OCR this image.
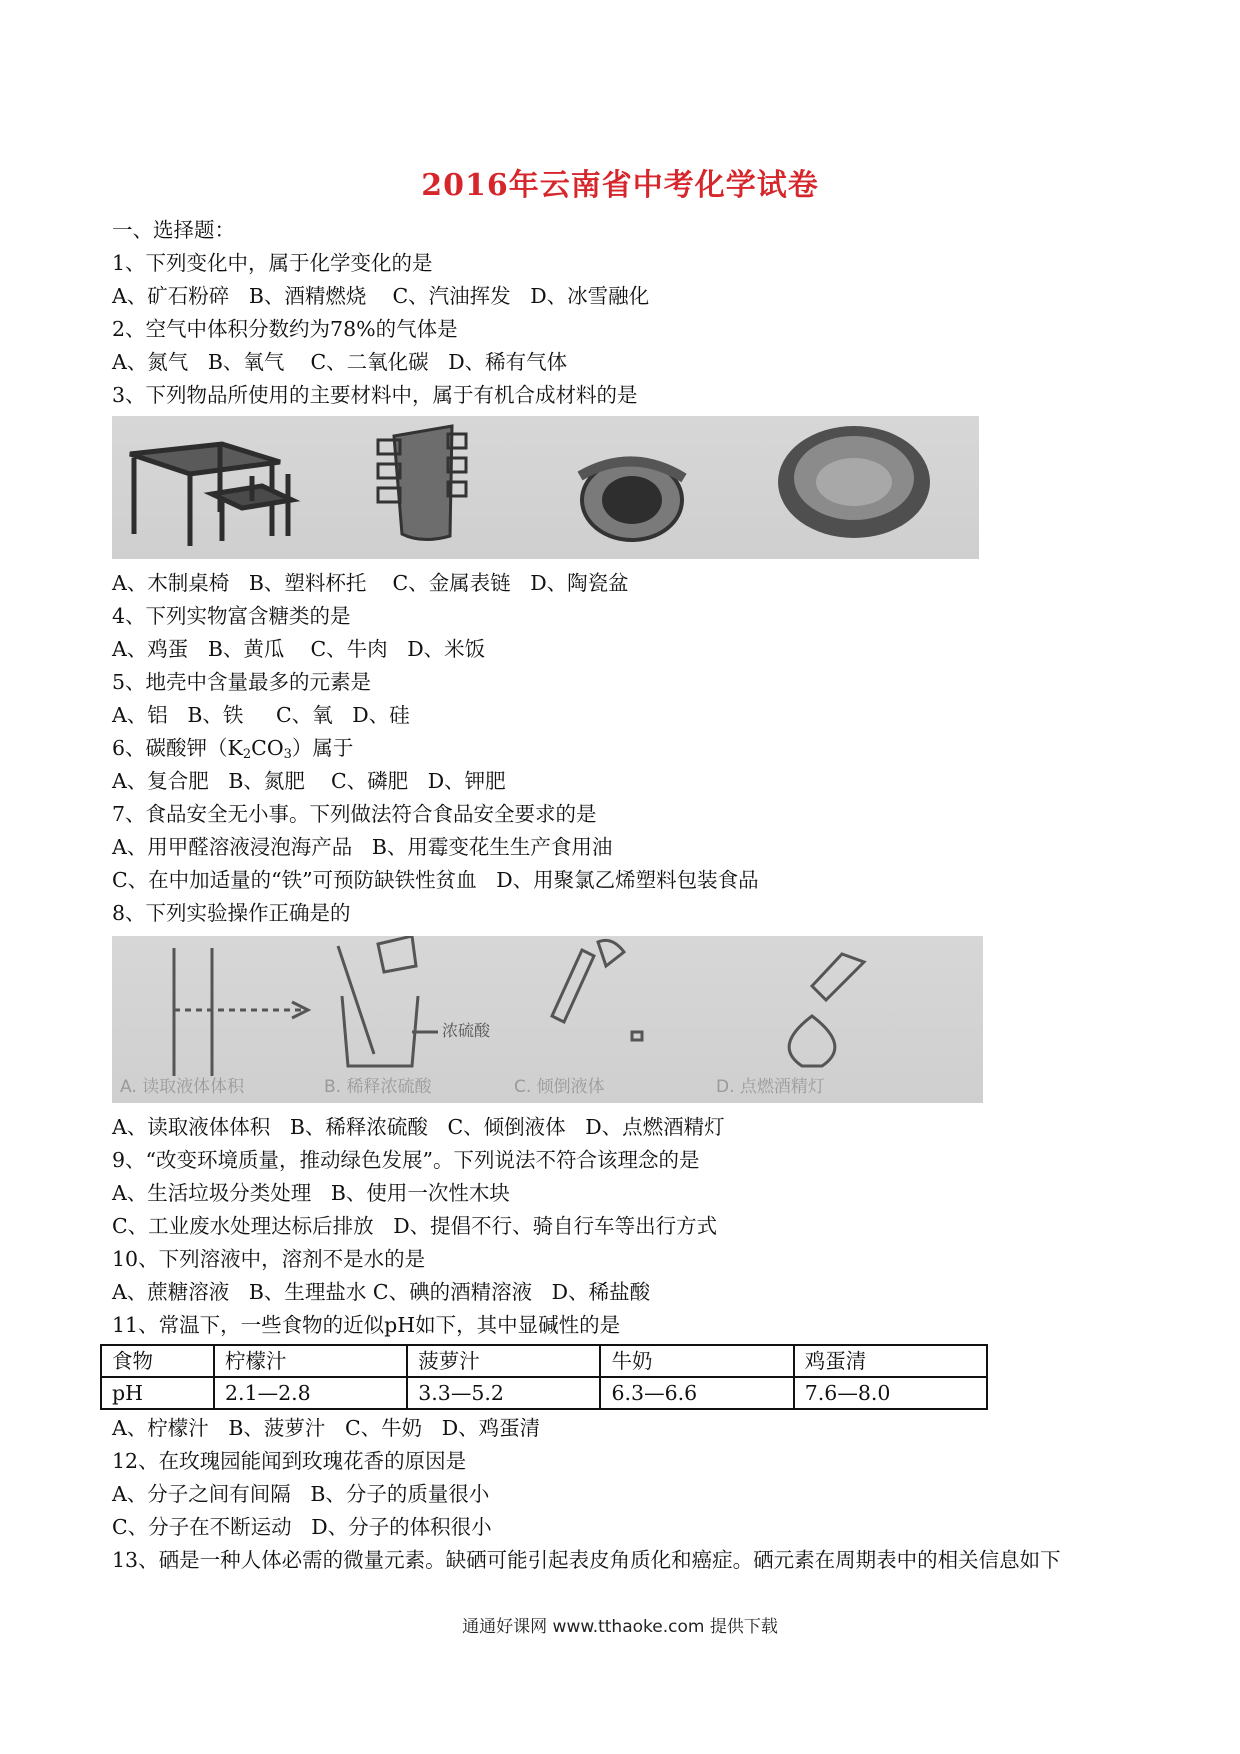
2016年云南省中考化学试卷
一、选择题：
1、下列变化中，属于化学变化的是
A、矿石粉碎   B、酒精燃烧    C、汽油挥发   D、冰雪融化
2、空气中体积分数约为78%的气体是
A、氮气   B、氧气    C、二氧化碳   D、稀有气体
3、下列物品所使用的主要材料中，属于有机合成材料的是
A、木制桌椅   B、塑料杯托    C、金属表链   D、陶瓷盆
4、下列实物富含糖类的是
A、鸡蛋   B、黄瓜    C、牛肉   D、米饭
5、地壳中含量最多的元素是
A、铝   B、铁     C、氧   D、硅
6、碳酸钾$(K_2CO_3)$属于
A、复合肥   B、氮肥    C、磷肥   D、钾肥
7、食品安全无小事。下列做法符合食品安全要求的是
A、用甲醛溶液浸泡海产品   B、用霉变花生生产食用油
C、在中加适量的“铁”可预防缺铁性贫血   D、用聚氯乙烯塑料包装食品
8、下列实验操作正确是的
浓硫酸
A. 读取液体体积	B. 稀释浓硫酸	C. 倾倒液体	D. 点燃酒精灯
A、读取液体体积   B、稀释浓硫酸   C、倾倒液体   D、点燃酒精灯
9、“改变环境质量，推动绿色发展”。下列说法不符合该理念的是
A、生活垃圾分类处理   B、使用一次性木块
C、工业废水处理达标后排放   D、提倡不行、骑自行车等出行方式
10、下列溶液中，溶剂不是水的是
A、蔗糖溶液   B、生理盐水 C、碘的酒精溶液   D、稀盐酸
11、常温下，一些食物的近似pH如下，其中显碱性的是
食物	柠檬汁	菠萝汁	牛奶	鸡蛋清
pH	2.1—2.8	3.3—5.2	6.3—6.6	7.6—8.0
A、柠檬汁   B、菠萝汁   C、牛奶   D、鸡蛋清
12、在玫瑰园能闻到玫瑰花香的原因是
A、分子之间有间隔   B、分子的质量很小
C、分子在不断运动   D、分子的体积很小
13、硒是一种人体必需的微量元素。缺硒可能引起表皮角质化和癌症。硒元素在周期表中的相关信息如下
通通好课网 www.tthaoke.com 提供下载
